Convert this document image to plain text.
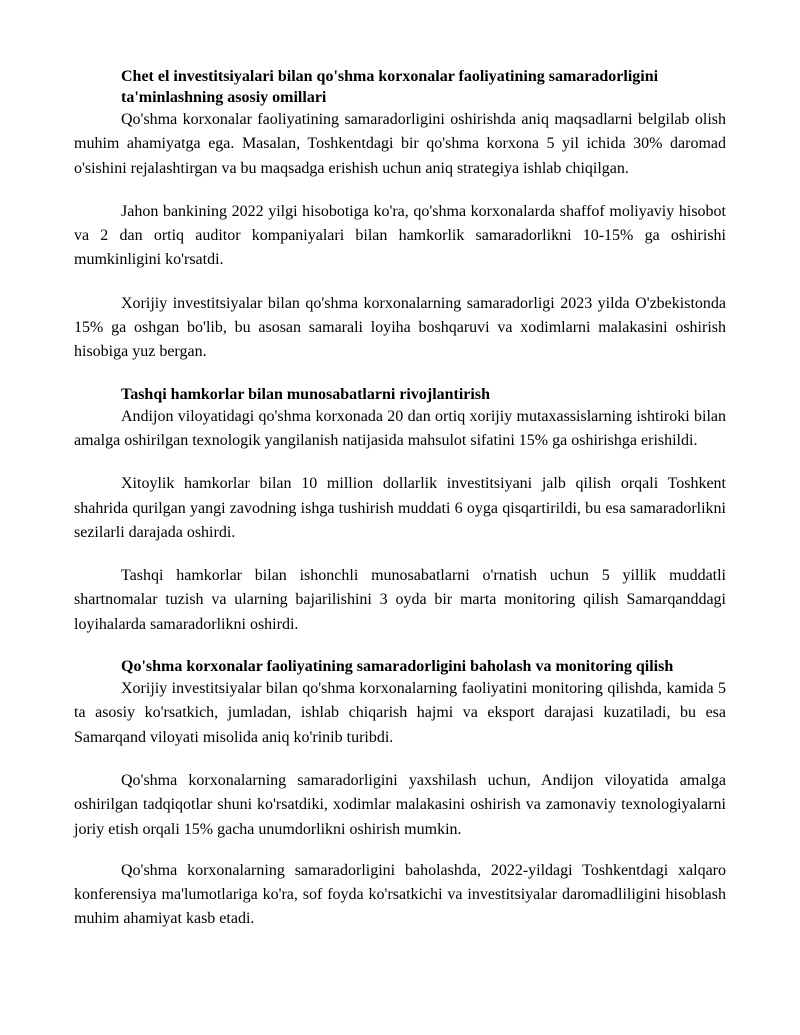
Chet el investitsiyalari bilan qo'shma korxonalar faoliyatining samaradorligini ta'minlashning asosiy omillari

Qo'shma korxonalar faoliyatining samaradorligini oshirishda aniq maqsadlarni belgilab olish muhim ahamiyatga ega. Masalan, Toshkentdagi bir qo'shma korxona 5 yil ichida 30% daromad o'sishini rejalashtirgan va bu maqsadga erishish uchun aniq strategiya ishlab chiqilgan.

Jahon bankining 2022 yilgi hisobotiga ko'ra, qo'shma korxonalarda shaffof moliyaviy hisobot va 2 dan ortiq auditor kompaniyalari bilan hamkorlik samaradorlikni 10-15% ga oshirishi mumkinligini ko'rsatdi.

Xorijiy investitsiyalar bilan qo'shma korxonalarning samaradorligi 2023 yilda O'zbekistonda 15% ga oshgan bo'lib, bu asosan samarali loyiha boshqaruvi va xodimlarni malakasini oshirish hisobiga yuz bergan.

Tashqi hamkorlar bilan munosabatlarni rivojlantirish

Andijon viloyatidagi qo'shma korxonada 20 dan ortiq xorijiy mutaxassislarning ishtiroki bilan amalga oshirilgan texnologik yangilanish natijasida mahsulot sifatini 15% ga oshirishga erishildi.

Xitoylik hamkorlar bilan 10 million dollarlik investitsiyani jalb qilish orqali Toshkent shahrida qurilgan yangi zavodning ishga tushirish muddati 6 oyga qisqartirildi, bu esa samaradorlikni sezilarli darajada oshirdi.

Tashqi hamkorlar bilan ishonchli munosabatlarni o'rnatish uchun 5 yillik muddatli shartnomalar tuzish va ularning bajarilishini 3 oyda bir marta monitoring qilish Samarqanddagi loyihalarda samaradorlikni oshirdi.

Qo'shma korxonalar faoliyatining samaradorligini baholash va monitoring qilish

Xorijiy investitsiyalar bilan qo'shma korxonalarning faoliyatini monitoring qilishda, kamida 5 ta asosiy ko'rsatkich, jumladan, ishlab chiqarish hajmi va eksport darajasi kuzatiladi, bu esa Samarqand viloyati misolida aniq ko'rinib turibdi.

Qo'shma korxonalarning samaradorligini yaxshilash uchun, Andijon viloyatida amalga oshirilgan tadqiqotlar shuni ko'rsatdiki, xodimlar malakasini oshirish va zamonaviy texnologiyalarni joriy etish orqali 15% gacha unumdorlikni oshirish mumkin.

Qo'shma korxonalarning samaradorligini baholashda, 2022-yildagi Toshkentdagi xalqaro konferensiya ma'lumotlariga ko'ra, sof foyda ko'rsatkichi va investitsiyalar daromadliligini hisoblash muhim ahamiyat kasb etadi.
